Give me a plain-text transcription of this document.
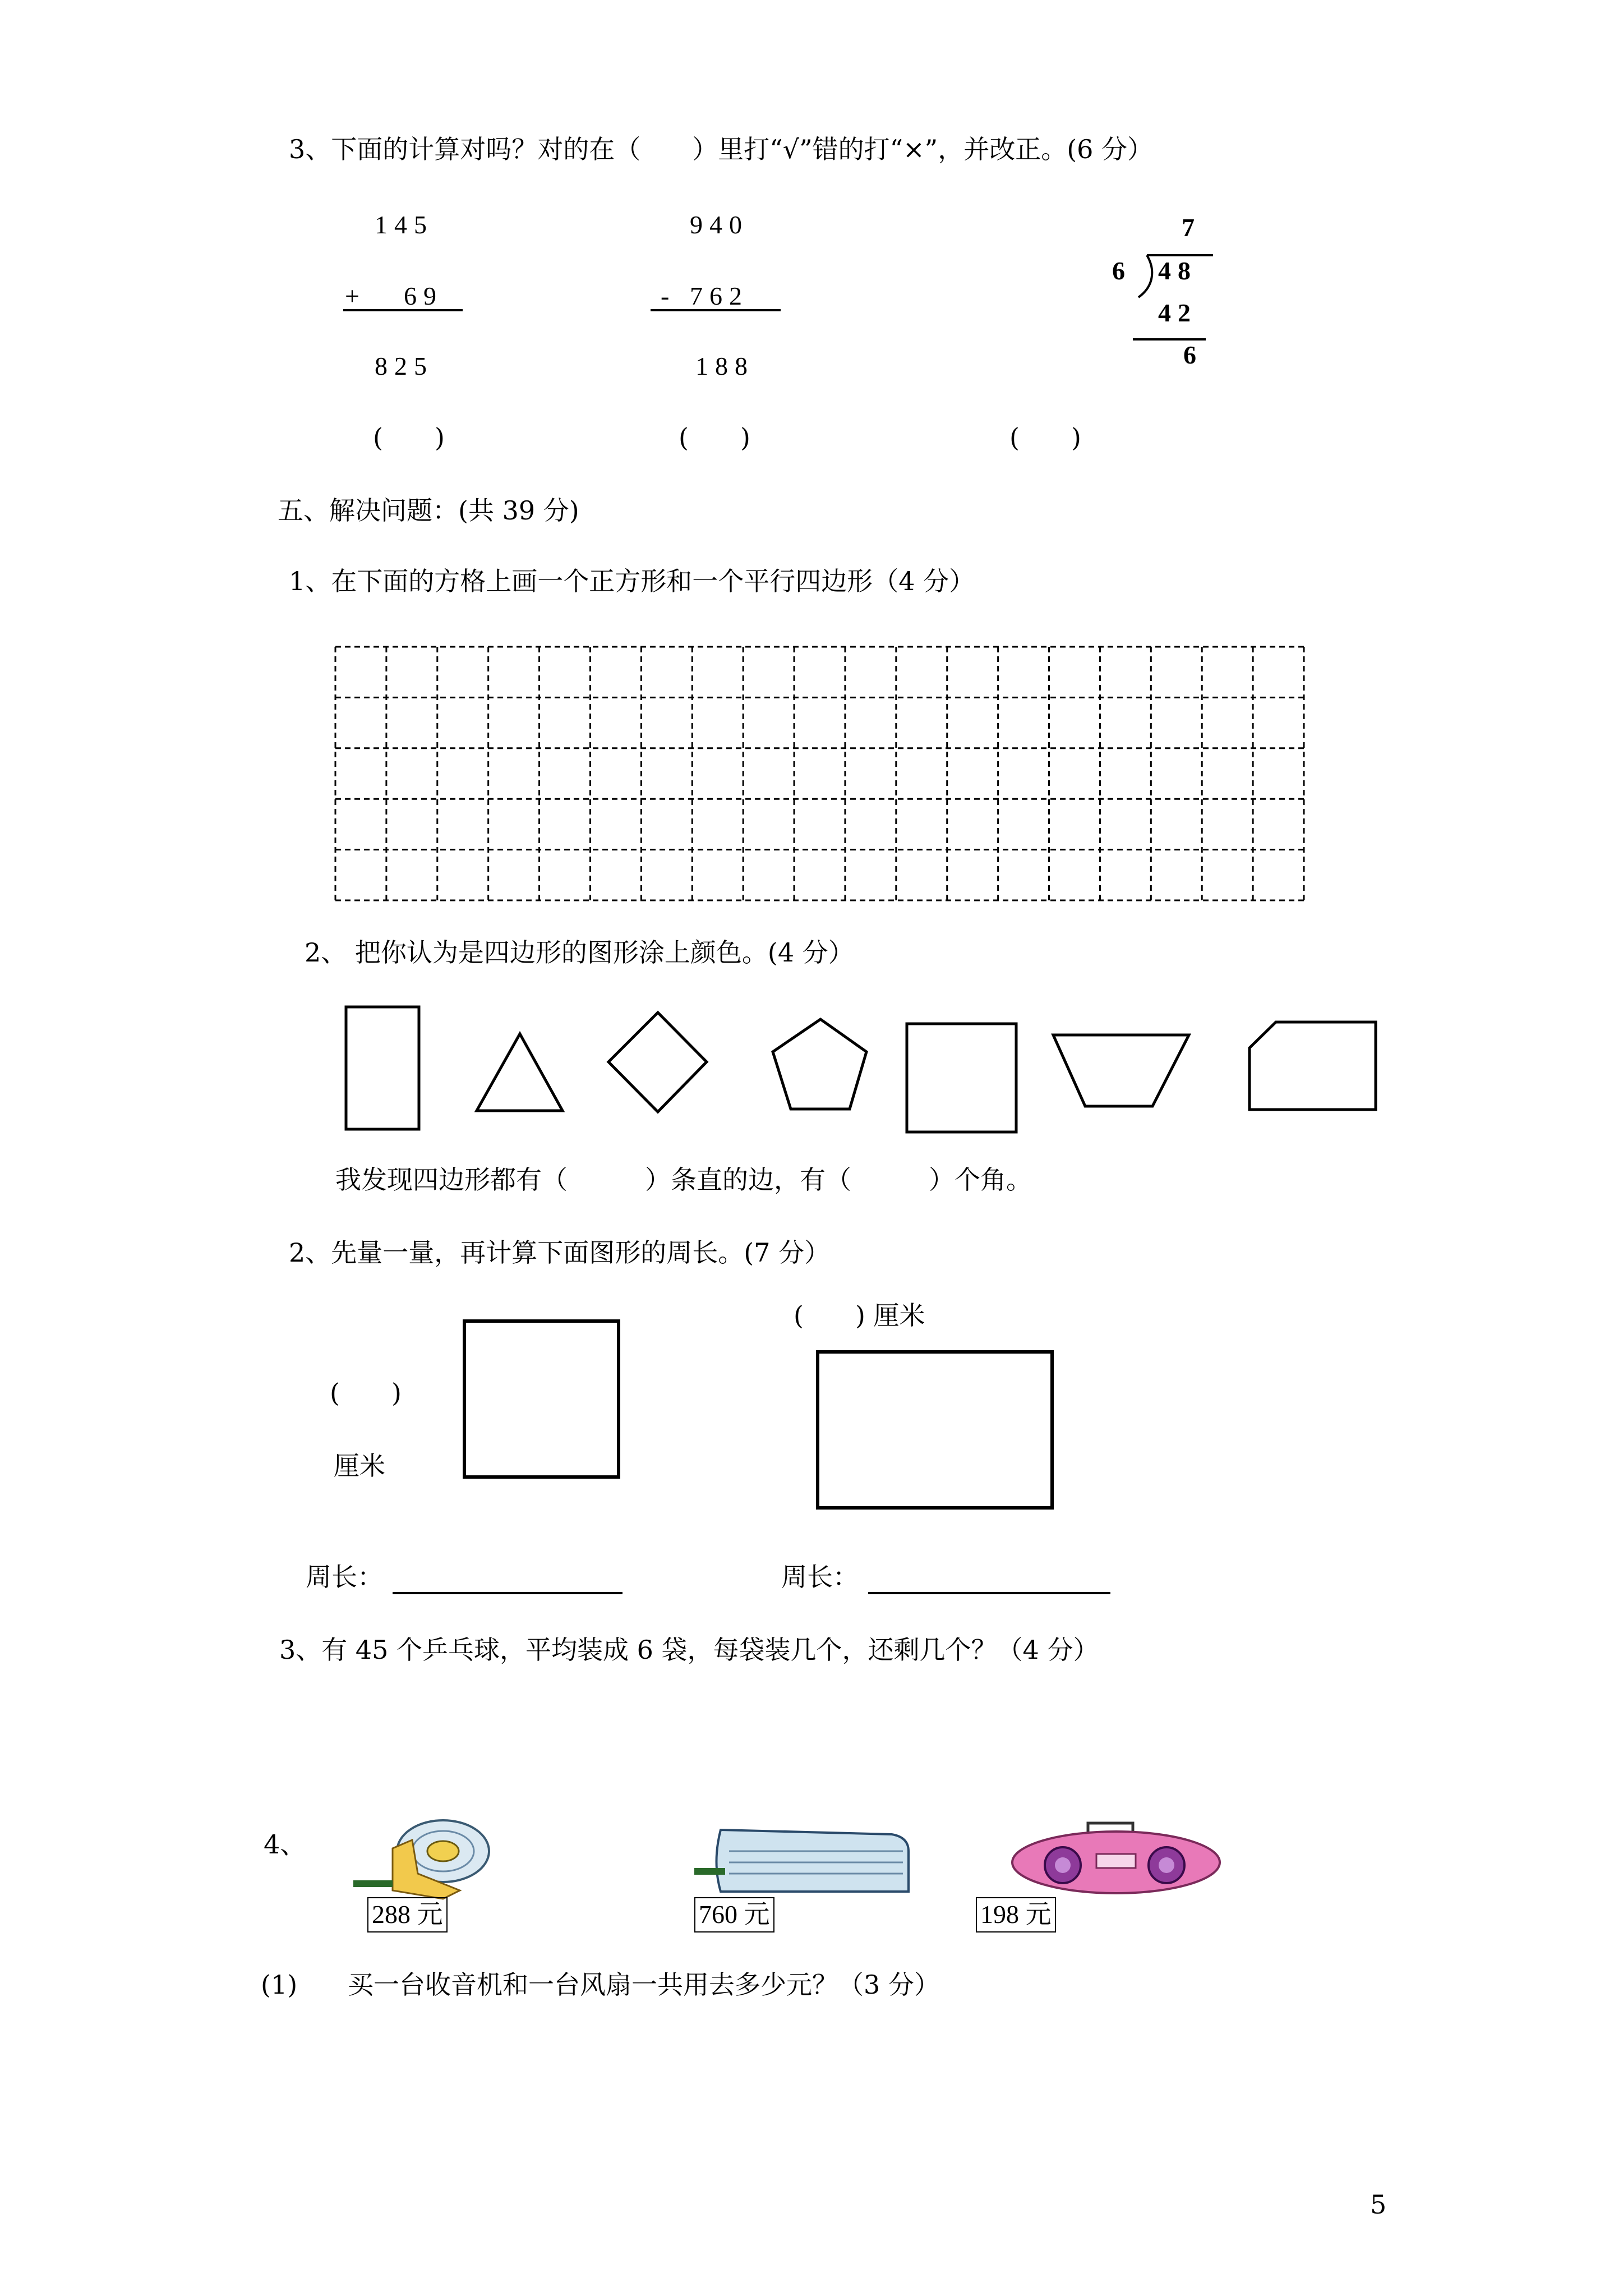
3、下面的计算对吗？对的在（　　）里打“√”错的打“×”，并改正。(6 分）
145
+ 69
825
940
- 762
188
7
6 48
42
6
(　　)	(　　)	(　　)
五、解决问题：(共 39 分)
1、在下面的方格上画一个正方形和一个平行四边形（4 分）
2、 把你认为是四边形的图形涂上颜色。(4 分）
我发现四边形都有（　　　）条直的边，有（　　　）个角。
2、先量一量，再计算下面图形的周长。(7 分）
(　　)
厘米
(　　) 厘米
周长：	周长：
3、有 45 个乒乓球，平均装成 6 袋，每袋装几个，还剩几个？（4 分）
4、
288 元	760 元	198 元
(1) 买一台收音机和一台风扇一共用去多少元？（3 分）
5
